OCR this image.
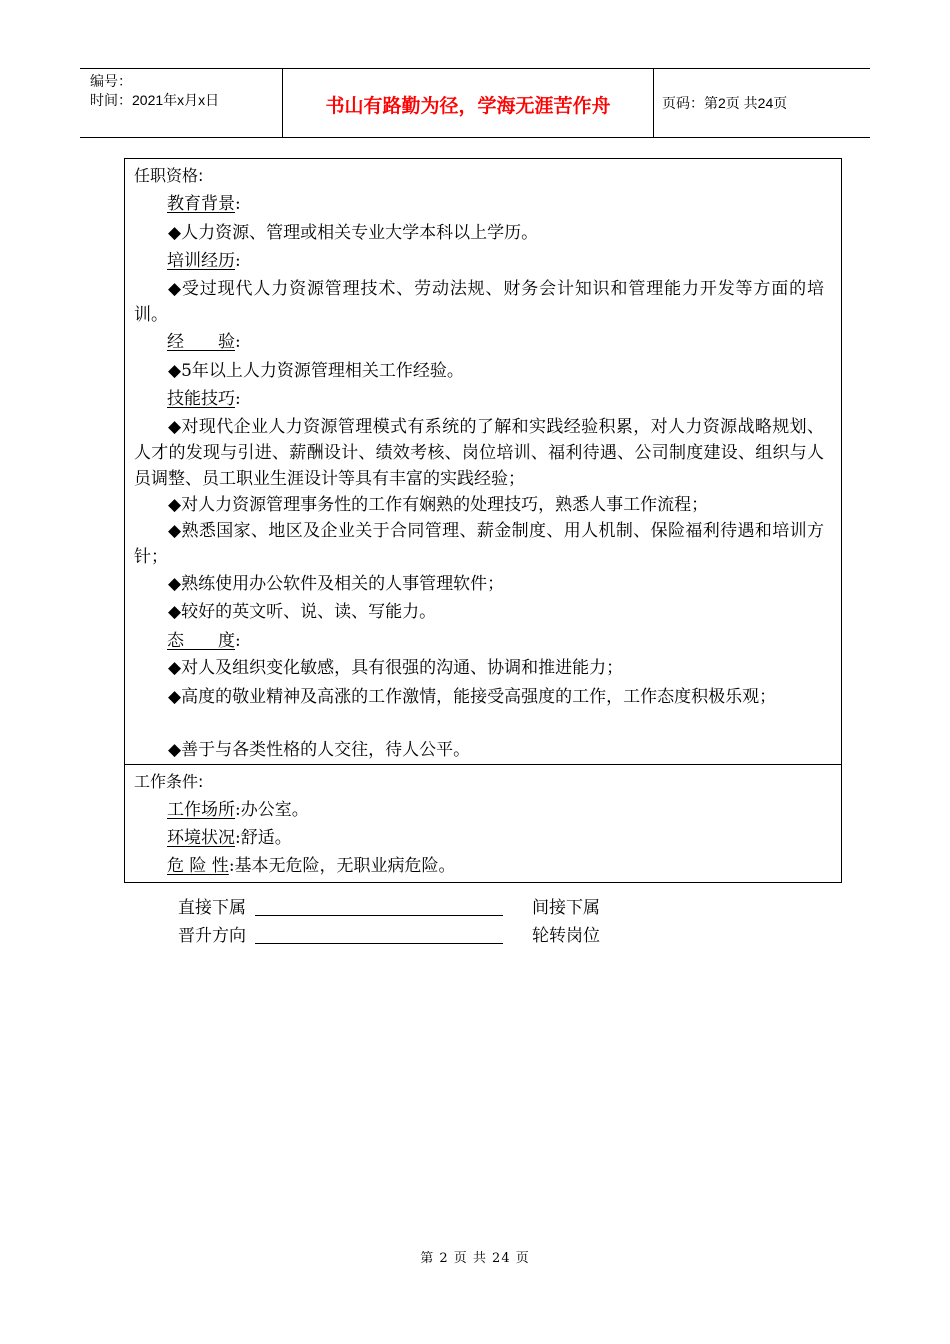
编号：
时间：2021年x月x日	书山有路勤为径，学海无涯苦作舟	页码：第2页 共24页
任职资格:
教育背景:
◆人力资源、管理或相关专业大学本科以上学历。
培训经历:
◆受过现代人力资源管理技术、劳动法规、财务会计知识和管理能力开发等方面的培训。
经　　验:
◆5年以上人力资源管理相关工作经验。
技能技巧:
◆对现代企业人力资源管理模式有系统的了解和实践经验积累，对人力资源战略规划、人才的发现与引进、薪酬设计、绩效考核、岗位培训、福利待遇、公司制度建设、组织与人员调整、员工职业生涯设计等具有丰富的实践经验；
◆对人力资源管理事务性的工作有娴熟的处理技巧，熟悉人事工作流程；
◆熟悉国家、地区及企业关于合同管理、薪金制度、用人机制、保险福利待遇和培训方针；
◆熟练使用办公软件及相关的人事管理软件；
◆较好的英文听、说、读、写能力。
态　　度:
◆对人及组织变化敏感，具有很强的沟通、协调和推进能力；
◆高度的敬业精神及高涨的工作激情，能接受高强度的工作，工作态度积极乐观；
◆善于与各类性格的人交往，待人公平。
工作条件:
工作场所:办公室。
环境状况:舒适。
危 险 性:基本无危险，无职业病危险。
直接下属	间接下属
晋升方向	轮转岗位
第 2 页 共 24 页
